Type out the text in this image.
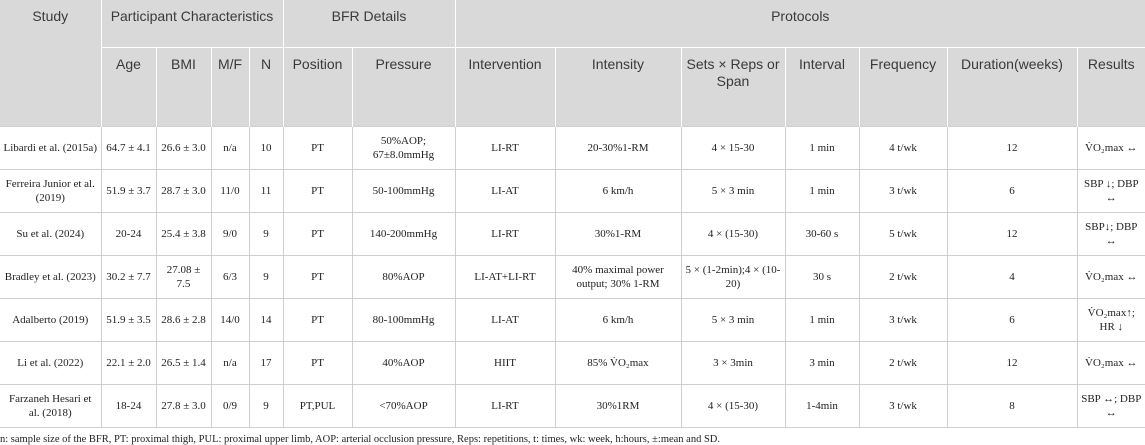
Study	Participant Characteristics				BFR Details		Protocols						
	Age	BMI	M/F	N	Position	Pressure	Intervention	Intensity	Sets × Reps or Span	Interval	Frequency	Duration(weeks)	Results
Libardi et al. (2015a)	64.7 ± 4.1	26.6 ± 3.0	n/a	10	PT	50%AOP; 67±8.0mmHg	LI-RT	20-30%1-RM	4 × 15-30	1 min	4 t/wk	12	V̇O₂max ↔
Ferreira Junior et al. (2019)	51.9 ± 3.7	28.7 ± 3.0	11/0	11	PT	50-100mmHg	LI-AT	6 km/h	5 × 3 min	1 min	3 t/wk	6	SBP ↓; DBP ↔
Su et al. (2024)	20-24	25.4 ± 3.8	9/0	9	PT	140-200mmHg	LI-RT	30%1-RM	4 × (15-30)	30-60 s	5 t/wk	12	SBP↓; DBP ↔
Bradley et al. (2023)	30.2 ± 7.7	27.08 ± 7.5	6/3	9	PT	80%AOP	LI-AT+LI-RT	40% maximal power output; 30% 1-RM	5 × (1-2min);4 × (10-20)	30 s	2 t/wk	4	V̇O₂max ↔
Adalberto (2019)	51.9 ± 3.5	28.6 ± 2.8	14/0	14	PT	80-100mmHg	LI-AT	6 km/h	5 × 3 min	1 min	3 t/wk	6	V̇O₂max↑; HR ↓
Li et al. (2022)	22.1 ± 2.0	26.5 ± 1.4	n/a	17	PT	40%AOP	HIIT	85% V̇O₂max	3 × 3min	3 min	2 t/wk	12	V̇O₂max ↔
Farzaneh Hesari et al. (2018)	18-24	27.8 ± 3.0	0/9	9	PT,PUL	<70%AOP	LI-RT	30%1RM	4 × (15-30)	1-4min	3 t/wk	8	SBP ↔; DBP ↔
n: sample size of the BFR, PT: proximal thigh, PUL: proximal upper limb, AOP: arterial occlusion pressure, Reps: repetitions, t: times, wk: week, h:hours, ±:mean and SD.
